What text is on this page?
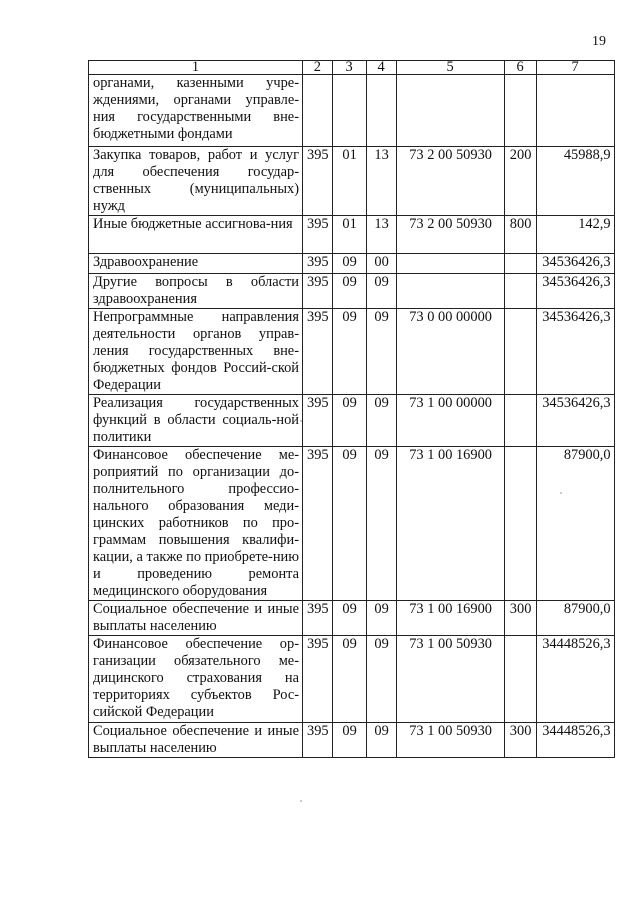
19
1	2	3	4	5	6	7
органами, казенными учре- ждениями, органами управле- ния государственными вне- бюджетными фондами						
Закупка товаров, работ и услуг для обеспечения государ-ственных (муниципальных) нужд	395	01	13	73 2 00 50930	200	45988,9
Иные бюджетные ассигнова-ния	395	01	13	73 2 00 50930	800	142,9
Здравоохранение	395	09	00			34536426,3
Другие вопросы в области здравоохранения	395	09	09			34536426,3
Непрограммные направления деятельности органов управ-ления государственных вне-бюджетных фондов Россий-ской Федерации	395	09	09	73 0 00 00000		34536426,3
Реализация государственных функций в области социаль-ной политики	395	09	09	73 1 00 00000		34536426,3
Финансовое обеспечение ме-роприятий по организации до-полнительного профессио-нального образования меди-цинских работников по про-граммам повышения квалифи-кации, а также по приобрете-нию и проведению ремонта медицинского оборудования	395	09	09	73 1 00 16900		87900,0
Социальное обеспечение и иные выплаты населению	395	09	09	73 1 00 16900	300	87900,0
Финансовое обеспечение ор-ганизации обязательного ме-дицинского страхования на территориях субъектов Рос-сийской Федерации	395	09	09	73 1 00 50930		34448526,3
Социальное обеспечение и иные выплаты населению	395	09	09	73 1 00 50930	300	34448526,3
